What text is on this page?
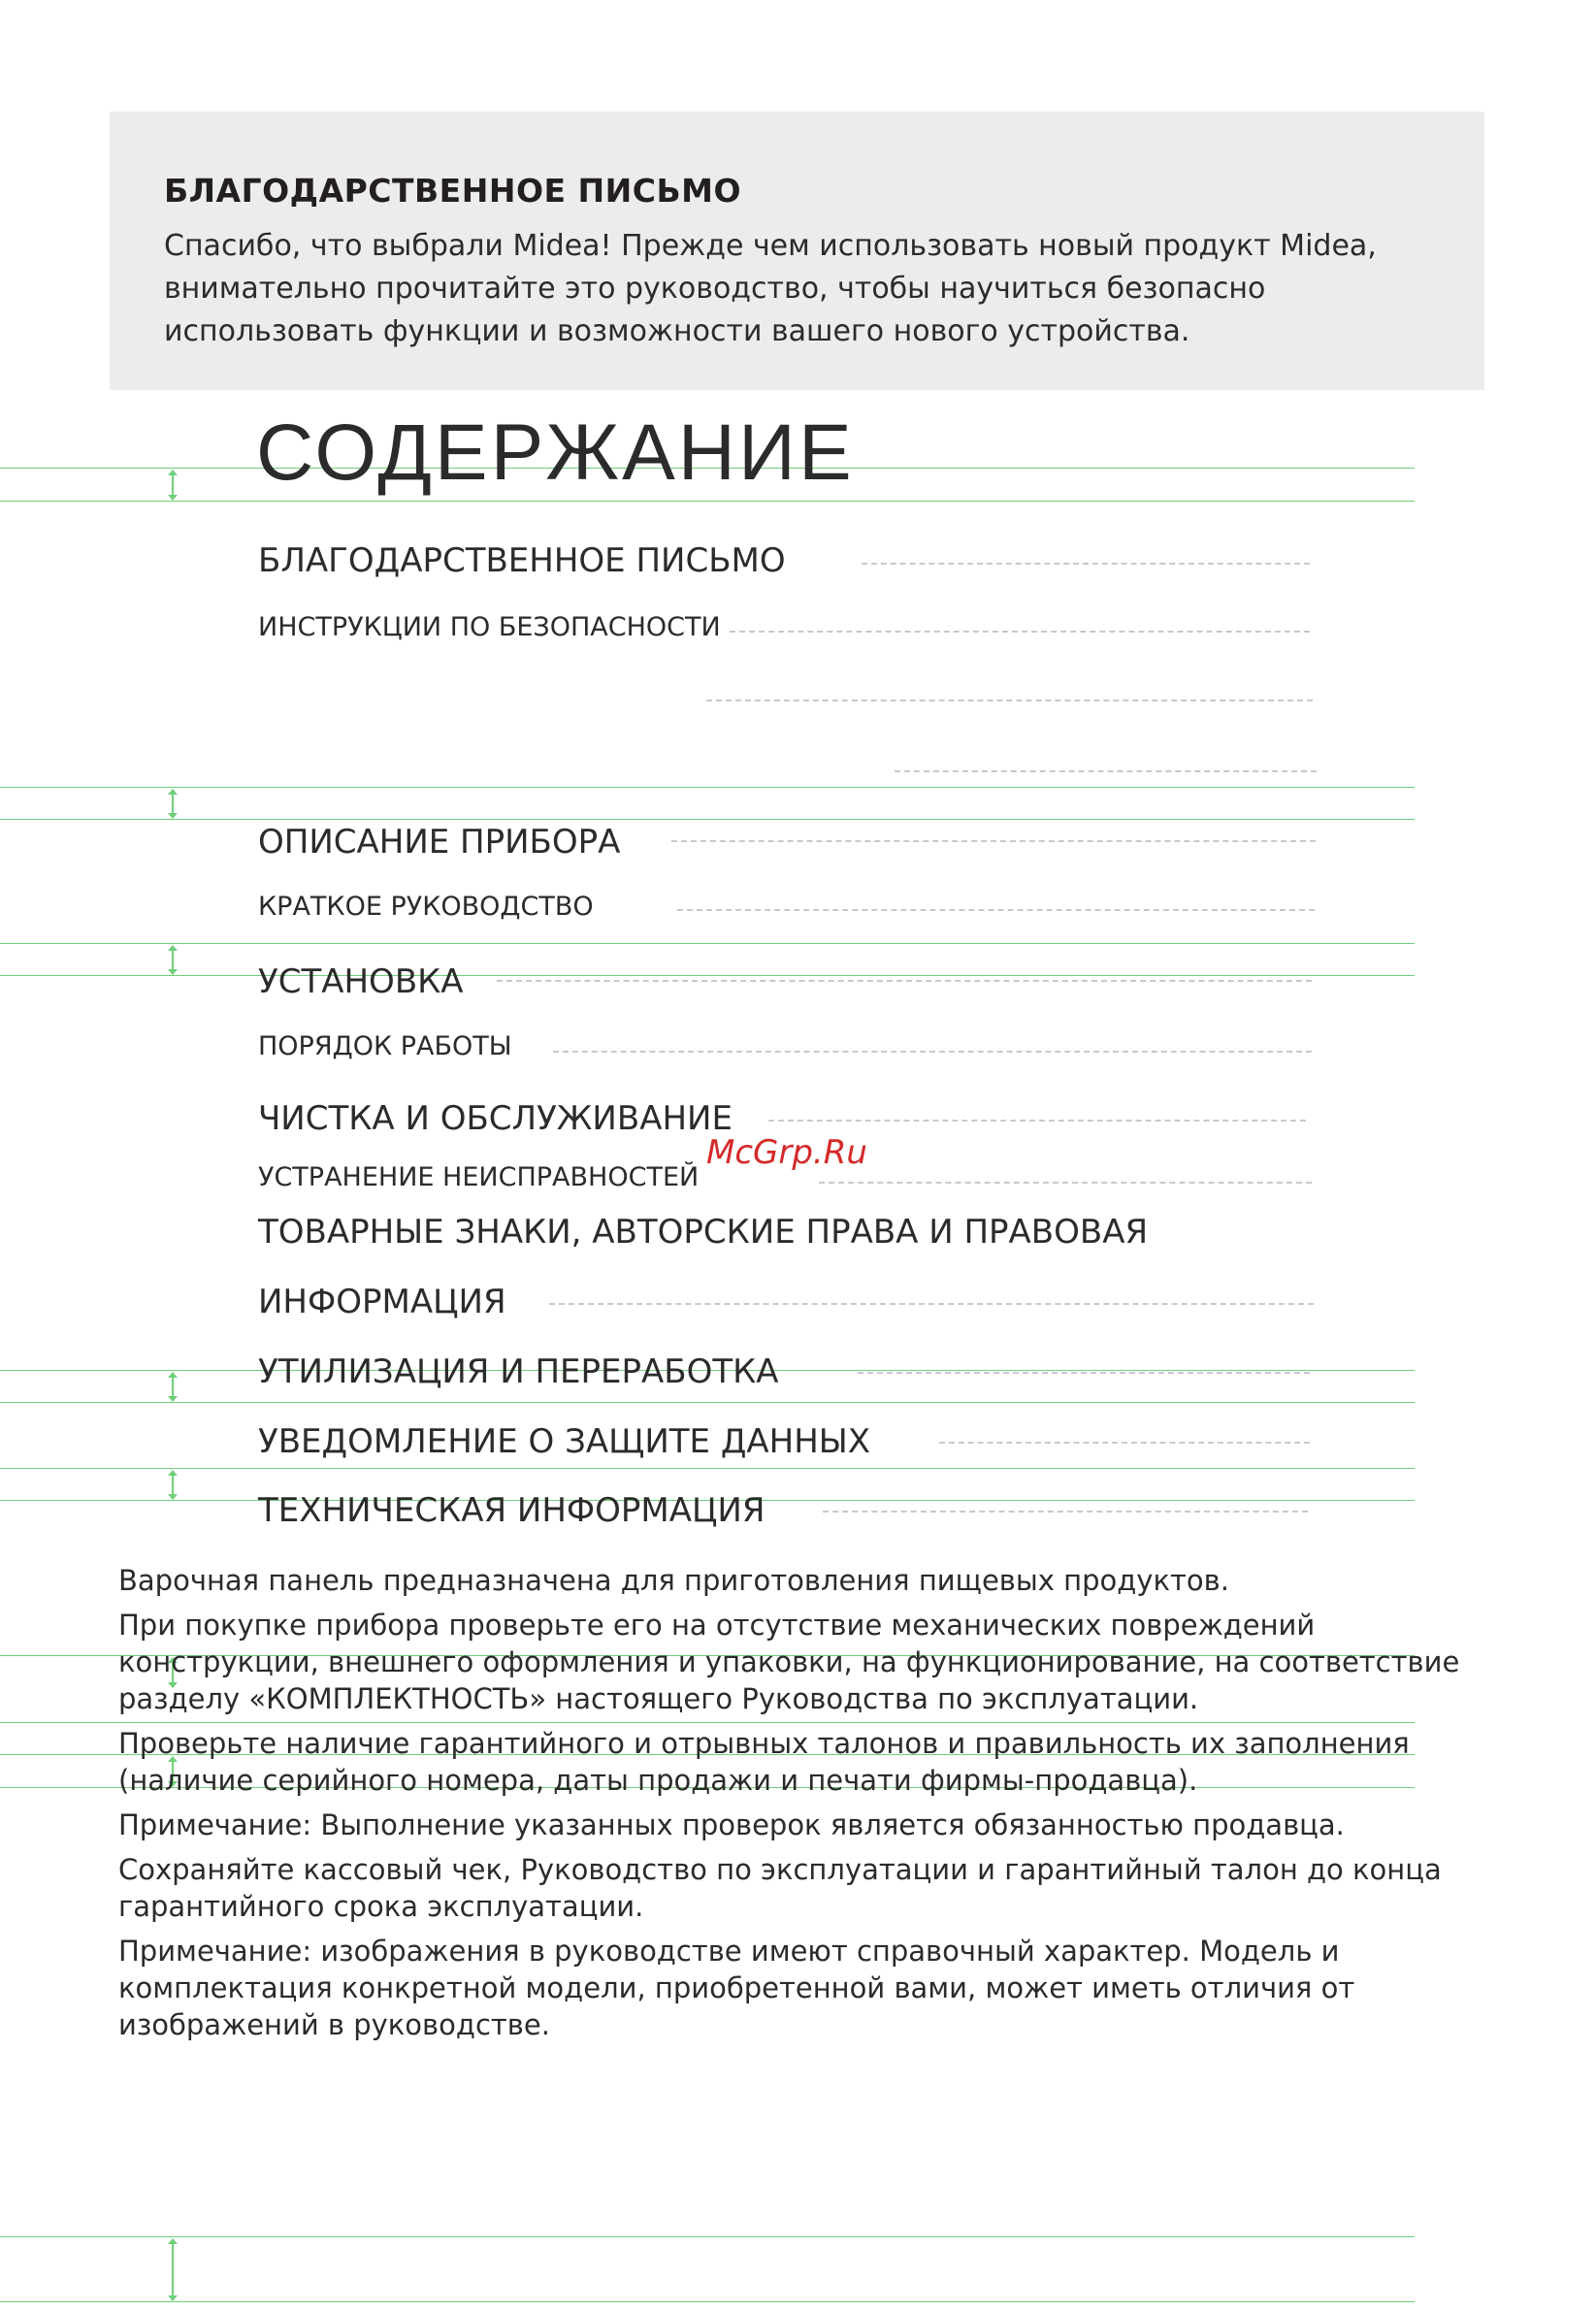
БЛАГОДАРСТВЕННОЕ ПИСЬМО

Спасибо, что выбрали Midea! Прежде чем использовать новый продукт Midea, внимательно прочитайте это руководство, чтобы научиться безопасно использовать функции и возможности вашего нового устройства.

СОДЕРЖАНИЕ
БЛАГОДАРСТВЕННОЕ ПИСЬМО
ИНСТРУКЦИИ ПО БЕЗОПАСНОСТИ
ОПИСАНИЕ ПРИБОРА
КРАТКОЕ РУКОВОДСТВО
УСТАНОВКА
ПОРЯДОК РАБОТЫ
ЧИСТКА И ОБСЛУЖИВАНИЕ
УСТРАНЕНИЕ НЕИСПРАВНОСТЕЙ
ТОВАРНЫЕ ЗНАКИ, АВТОРСКИЕ ПРАВА И ПРАВОВАЯ
ИНФОРМАЦИЯ
УТИЛИЗАЦИЯ И ПЕРЕРАБОТКА
УВЕДОМЛЕНИЕ О ЗАЩИТЕ ДАННЫХ
ТЕХНИЧЕСКАЯ ИНФОРМАЦИЯ

McGrp.Ru

Варочная панель предназначена для приготовления пищевых продуктов.

При покупке прибора проверьте его на отсутствие механических повреждений конструкции, внешнего оформления и упаковки, на функционирование, на соответствие разделу «КОМПЛЕКТНОСТЬ» настоящего Руководства по эксплуатации.

Проверьте наличие гарантийного и отрывных талонов и правильность их заполнения (наличие серийного номера, даты продажи и печати фирмы-продавца).

Примечание: Выполнение указанных проверок является обязанностью продавца.

Сохраняйте кассовый чек, Руководство по эксплуатации и гарантийный талон до конца гарантийного срока эксплуатации.

Примечание: изображения в руководстве имеют справочный характер. Модель и комплектация конкретной модели, приобретенной вами, может иметь отличия от изображений в руководстве.
